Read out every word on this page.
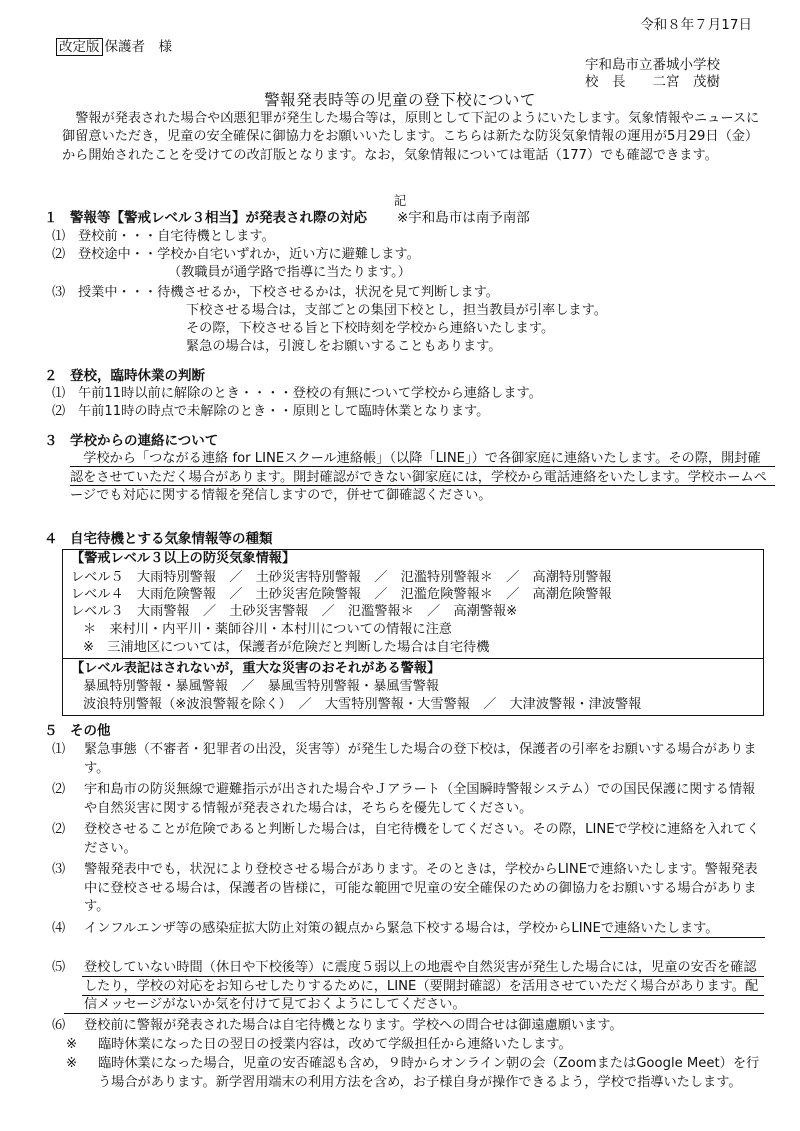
令和８年７月17日
改定版 保護者　様
宇和島市立番城小学校
校　長　　二宮　茂樹
警報発表時等の児童の登下校について
警報が発表された場合や凶悪犯罪が発生した場合等は，原則として下記のようにいたします。気象情報やニュースに御留意いただき，児童の安全確保に御協力をお願いいたします。こちらは新たな防災気象情報の運用が5月29日（金）から開始されたことを受けての改訂版となります。なお，気象情報については電話（177）でも確認できます。
記
１ 警報等【警戒レベル３相当】が発表され際の対応 ※宇和島市は南予南部
⑴ 登校前・・・自宅待機とします。
⑵ 登校途中・・学校か自宅いずれか，近い方に避難します。
（教職員が通学路で指導に当たります。）
⑶ 授業中・・・待機させるか，下校させるかは，状況を見て判断します。
下校させる場合は，支部ごとの集団下校とし，担当教員が引率します。
その際，下校させる旨と下校時刻を学校から連絡いたします。
緊急の場合は，引渡しをお願いすることもあります。
２ 登校，臨時休業の判断
⑴ 午前11時以前に解除のとき・・・・登校の有無について学校から連絡します。
⑵ 午前11時の時点で未解除のとき・・原則として臨時休業となります。
３ 学校からの連絡について
学校から「つながる連絡 for LINEスクール連絡帳」（以降「LINE」）で各御家庭に連絡いたします。その際，開封確認をさせていただく場合があります。開封確認ができない御家庭には，学校から電話連絡をいたします。学校ホームページでも対応に関する情報を発信しますので，併せて御確認ください。
４ 自宅待機とする気象情報等の種類
【警戒レベル３以上の防災気象情報】
レベル５　大雨特別警報　／　土砂災害特別警報　／　氾濫特別警報＊　／　高潮特別警報
レベル４　大雨危険警報　／　土砂災害危険警報　／　氾濫危険警報＊　／　高潮危険警報
レベル３　大雨警報　／　土砂災害警報　／　氾濫警報＊　／　高潮警報※
＊　来村川・内平川・薬師谷川・本村川についての情報に注意
※　三浦地区については，保護者が危険だと判断した場合は自宅待機
【レベル表記はされないが，重大な災害のおそれがある警報】
暴風特別警報・暴風警報　／　暴風雪特別警報・暴風雪警報
波浪特別警報（※波浪警報を除く）　／　大雪特別警報・大雪警報　／　大津波警報・津波警報
５ その他
⑴ 緊急事態（不審者・犯罪者の出没，災害等）が発生した場合の登下校は，保護者の引率をお願いする場合があります。
⑵ 宇和島市の防災無線で避難指示が出された場合やＪアラート（全国瞬時警報システム）での国民保護に関する情報や自然災害に関する情報が発表された場合は，そちらを優先してください。
⑵ 登校させることが危険であると判断した場合は，自宅待機をしてください。その際，LINEで学校に連絡を入れてください。
⑶ 警報発表中でも，状況により登校させる場合があります。そのときは，学校からLINEで連絡いたします。警報発表中に登校させる場合は，保護者の皆様に，可能な範囲で児童の安全確保のための御協力をお願いする場合があります。
⑷ インフルエンザ等の感染症拡大防止対策の観点から緊急下校する場合は，学校からLINEで連絡いたします。
⑸ 登校していない時間（休日や下校後等）に震度５弱以上の地震や自然災害が発生した場合には，児童の安否を確認したり，学校の対応をお知らせしたりするために，LINE（要開封確認）を活用させていただく場合があります。配信メッセージがないか気を付けて見ておくようにしてください。
⑹ 登校前に警報が発表された場合は自宅待機となります。学校への問合せは御遠慮願います。
※ 臨時休業になった日の翌日の授業内容は，改めて学級担任から連絡いたします。
※ 臨時休業になった場合，児童の安否確認も含め，９時からオンライン朝の会（ZoomまたはGoogle Meet）を行う場合があります。新学習用端末の利用方法を含め，お子様自身が操作できるよう，学校で指導いたします。
